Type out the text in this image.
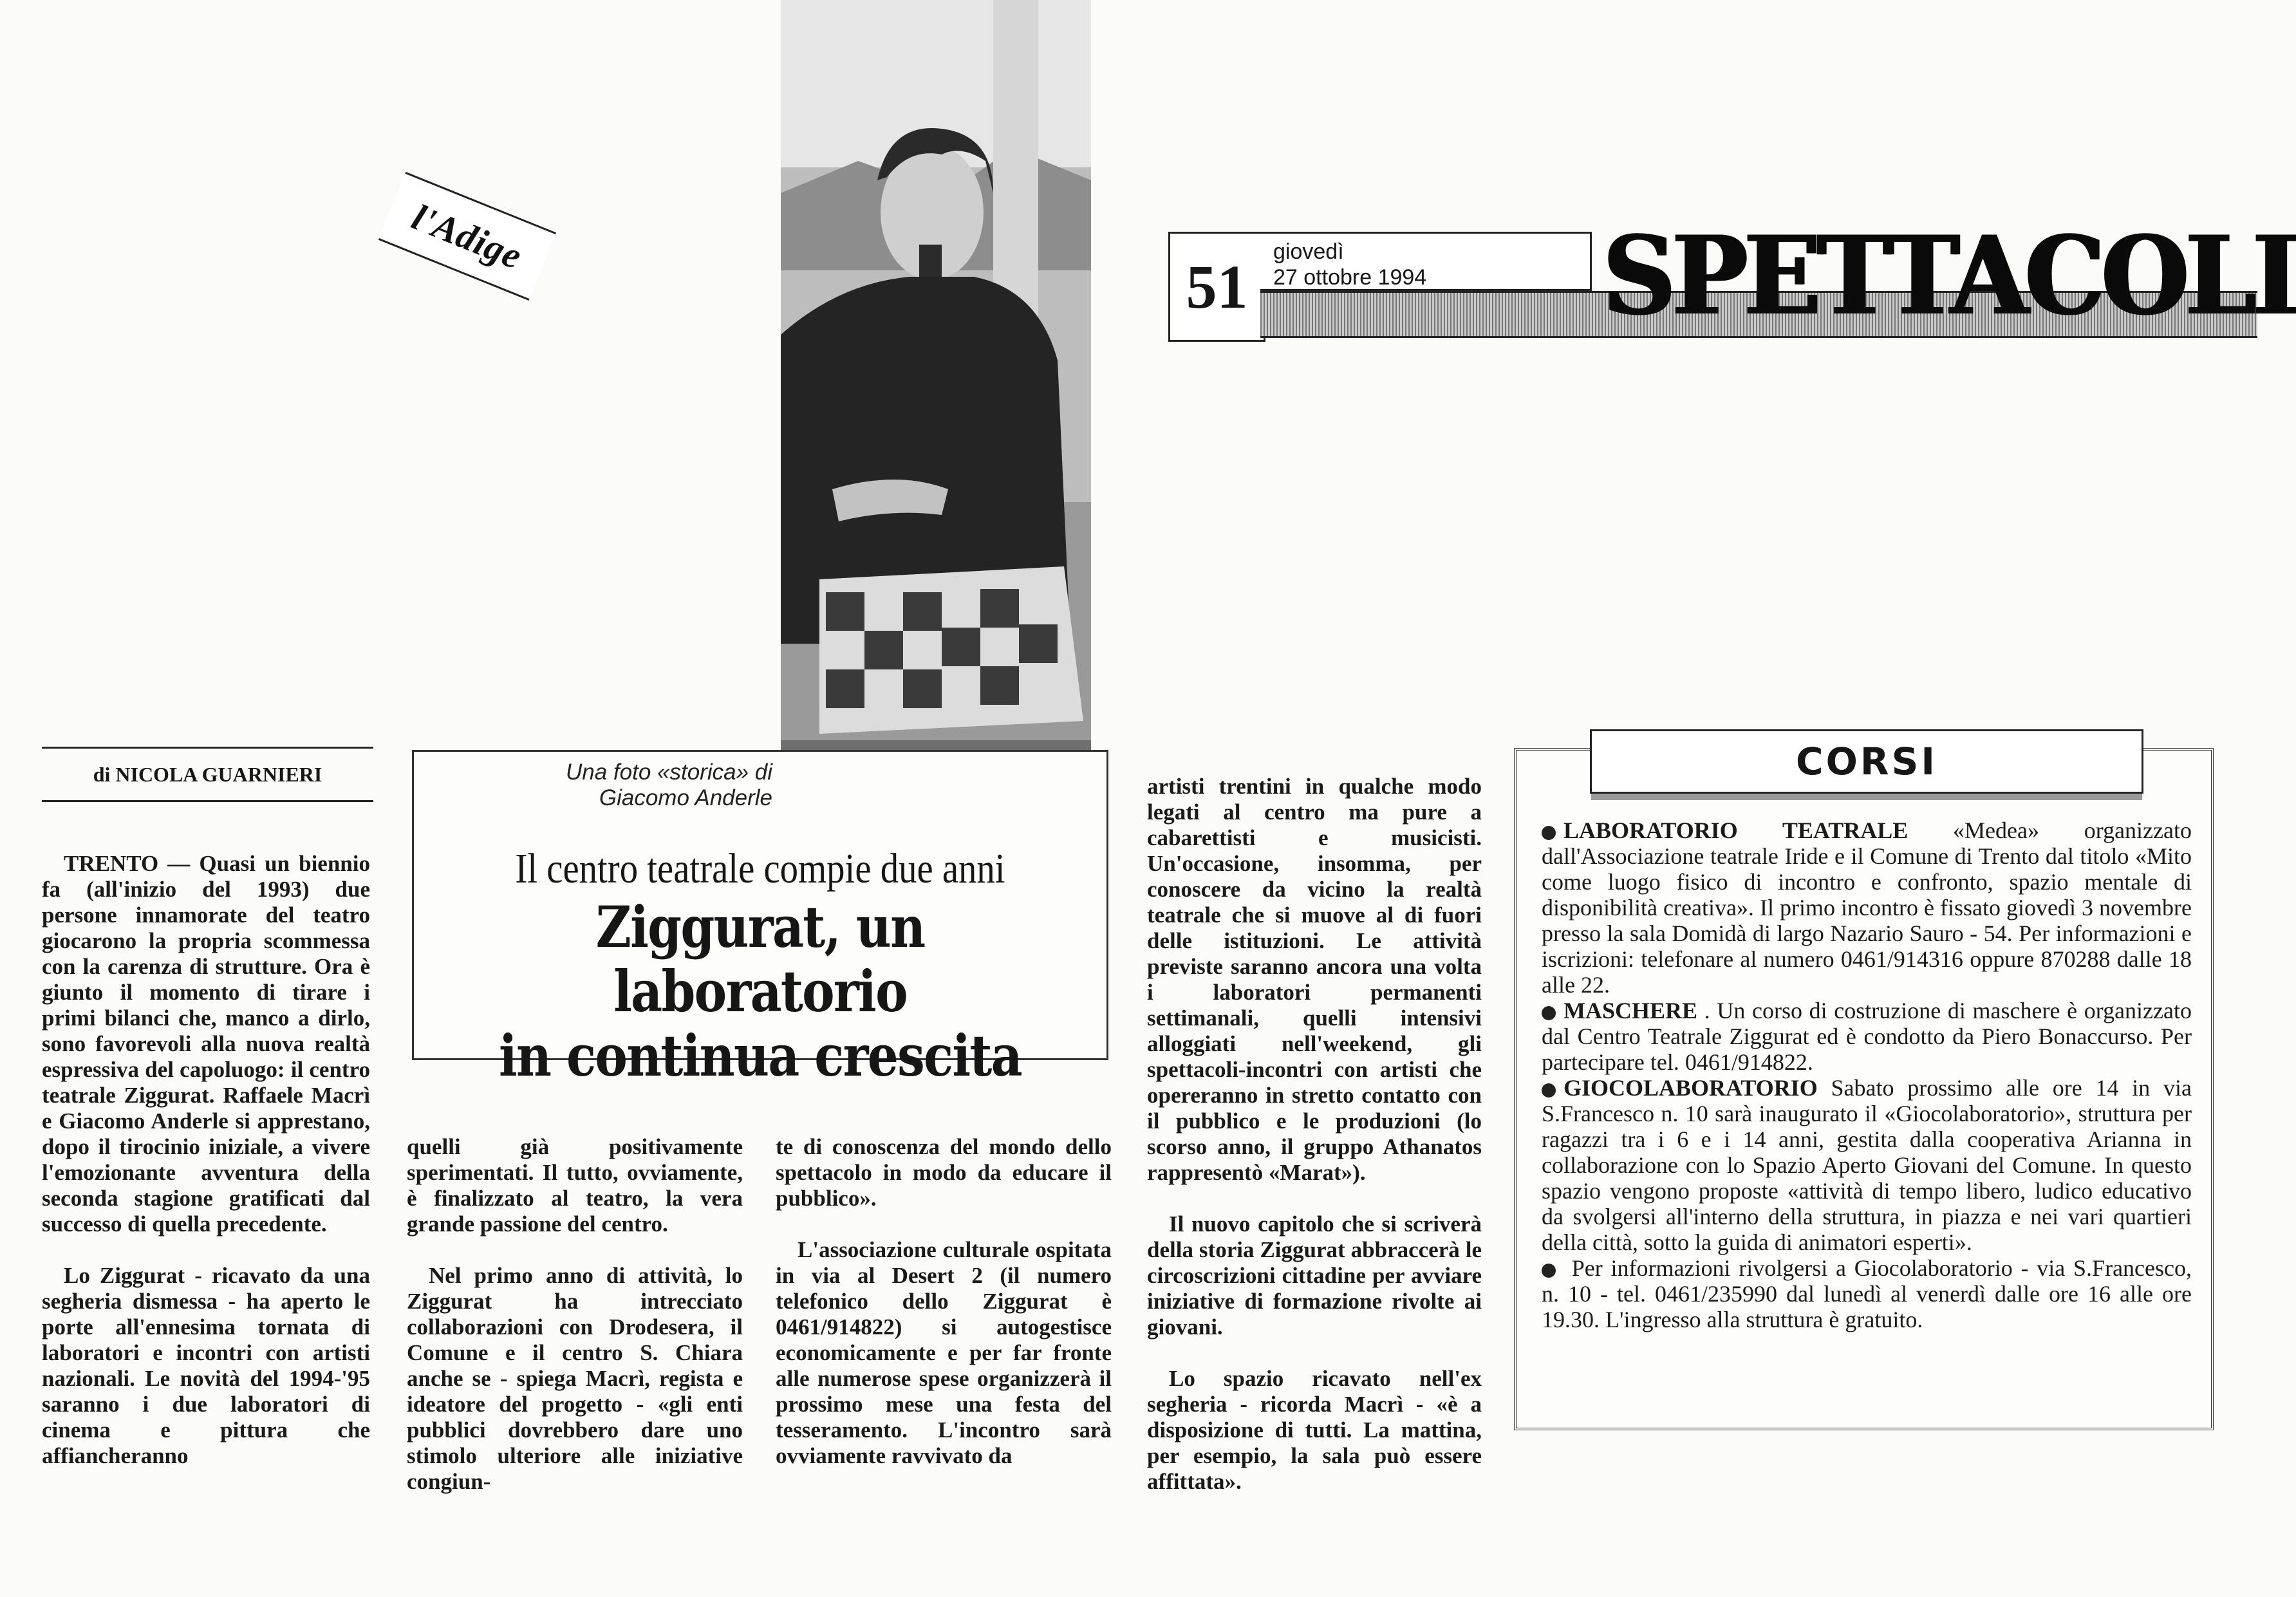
l'Adige
51
giovedì
27 ottobre 1994	SPETTACOLI
di NICOLA GUARNIERI	Una foto «storica» di
Giacomo Anderle
Il centro teatrale compie due anni
Ziggurat, un laboratorio
in continua crescita

TRENTO — Quasi un biennio fa (all'inizio del 1993) due persone innamorate del teatro giocarono la propria scommessa con la carenza di strutture. Ora è giunto il momento di tirare i primi bilanci che, manco a dirlo, sono favorevoli alla nuova realtà espressiva del capoluogo: il centro teatrale Ziggurat. Raffaele Macrì e Giacomo Anderle si apprestano, dopo il tirocinio iniziale, a vivere l'emozionante avventura della seconda stagione gratificati dal successo di quella precedente.

Lo Ziggurat - ricavato da una segheria dismessa - ha aperto le porte all'ennesima tornata di laboratori e incontri con artisti nazionali. Le novità del 1994-'95 saranno i due laboratori di cinema e pittura che affiancheranno

quelli già positivamente sperimentati. Il tutto, ovviamente, è finalizzato al teatro, la vera grande passione del centro.

Nel primo anno di attività, lo Ziggurat ha intrecciato collaborazioni con Drodesera, il Comune e il centro S. Chiara anche se - spiega Macrì, regista e ideatore del progetto - «gli enti pubblici dovrebbero dare uno stimolo ulteriore alle iniziative congiun-

te di conoscenza del mondo dello spettacolo in modo da educare il pubblico».

L'associazione culturale ospitata in via al Desert 2 (il numero telefonico dello Ziggurat è 0461/914822) si autogestisce economicamente e per far fronte alle numerose spese organizzerà il prossimo mese una festa del tesseramento. L'incontro sarà ovviamente ravvivato da

artisti trentini in qualche modo legati al centro ma pure a cabarettisti e musicisti. Un'occasione, insomma, per conoscere da vicino la realtà teatrale che si muove al di fuori delle istituzioni. Le attività previste saranno ancora una volta i laboratori permanenti settimanali, quelli intensivi alloggiati nell'weekend, gli spettacoli-incontri con artisti che opereranno in stretto contatto con il pubblico e le produzioni (lo scorso anno, il gruppo Athanatos rappresentò «Marat»).

Il nuovo capitolo che si scriverà della storia Ziggurat abbraccerà le circoscrizioni cittadine per avviare iniziative di formazione rivolte ai giovani.

Lo spazio ricavato nell'ex segheria - ricorda Macrì - «è a disposizione di tutti. La mattina, per esempio, la sala può essere affittata».

CORSI

LABORATORIO TEATRALE «Medea» organizzato dall'Associazione teatrale Iride e il Comune di Trento dal titolo «Mito come luogo fisico di incontro e confronto, spazio mentale di disponibilità creativa». Il primo incontro è fissato giovedì 3 novembre presso la sala Domidà di largo Nazario Sauro - 54. Per informazioni e iscrizioni: telefonare al numero 0461/914316 oppure 870288 dalle 18 alle 22.

MASCHERE . Un corso di costruzione di maschere è organizzato dal Centro Teatrale Ziggurat ed è condotto da Piero Bonaccurso. Per partecipare tel. 0461/914822.

GIOCOLABORATORIO Sabato prossimo alle ore 14 in via S.Francesco n. 10 sarà inaugurato il «Giocolaboratorio», struttura per ragazzi tra i 6 e i 14 anni, gestita dalla cooperativa Arianna in collaborazione con lo Spazio Aperto Giovani del Comune. In questo spazio vengono proposte «attività di tempo libero, ludico educativo da svolgersi all'interno della struttura, in piazza e nei vari quartieri della città, sotto la guida di animatori esperti».

Per informazioni rivolgersi a Giocolaboratorio - via S.Francesco, n. 10 - tel. 0461/235990 dal lunedì al venerdì dalle ore 16 alle ore 19.30. L'ingresso alla struttura è gratuito.
